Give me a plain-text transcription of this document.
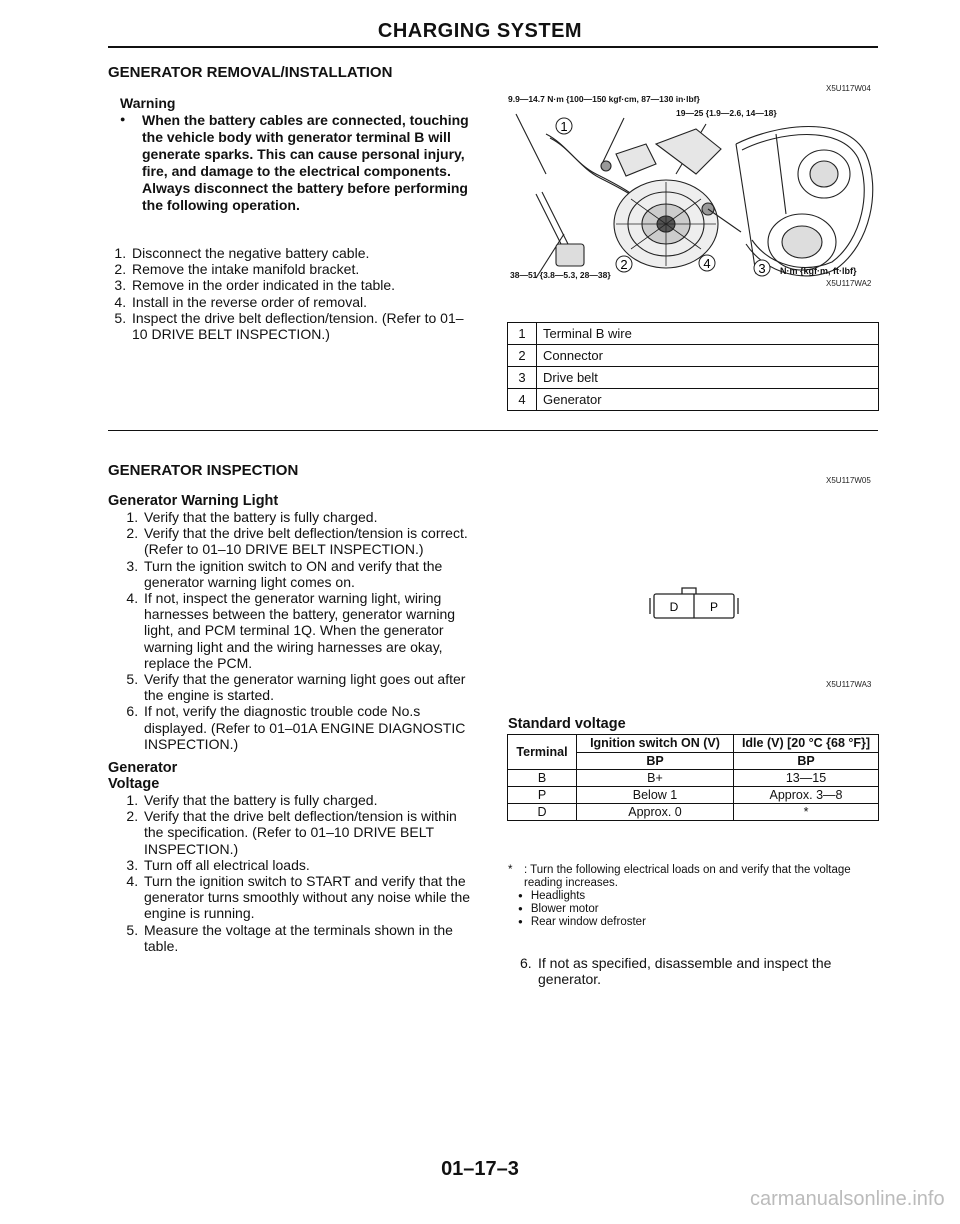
CHARGING SYSTEM
GENERATOR REMOVAL/INSTALLATION
Warning
● When the battery cables are connected, touching the vehicle body with generator terminal B will generate sparks. This can cause personal injury, fire, and damage to the electrical components. Always disconnect the battery before performing the following operation.
1. Disconnect the negative battery cable.
2. Remove the intake manifold bracket.
3. Remove in the order indicated in the table.
4. Install in the reverse order of removal.
5. Inspect the drive belt deflection/tension. (Refer to 01–10 DRIVE BELT INSPECTION.)
X5U117W04
9.9—14.7 N·m {100—150 kgf·cm, 87—130 in·lbf}
19—25 {1.9—2.6, 14—18}
2	4	3
1
38—51 {3.8—5.3, 28—38}	N·m {kgf·m, ft·lbf}
X5U117WA2
1	Terminal B wire
2	Connector
3	Drive belt
4	Generator
GENERATOR INSPECTION
X5U117W05
Generator Warning Light
1. Verify that the battery is fully charged.
2. Verify that the drive belt deflection/tension is correct. (Refer to 01–10 DRIVE BELT INSPECTION.)
3. Turn the ignition switch to ON and verify that the generator warning light comes on.
4. If not, inspect the generator warning light, wiring harnesses between the battery, generator warning light, and PCM terminal 1Q. When the generator warning light and the wiring harnesses are okay, replace the PCM.
5. Verify that the generator warning light goes out after the engine is started.
6. If not, verify the diagnostic trouble code No.s displayed. (Refer to 01–01A ENGINE DIAGNOSTIC INSPECTION.)
Generator
Voltage
1. Verify that the battery is fully charged.
2. Verify that the drive belt deflection/tension is within the specification. (Refer to 01–10 DRIVE BELT INSPECTION.)
3. Turn off all electrical loads.
4. Turn the ignition switch to START and verify that the generator turns smoothly without any noise while the engine is running.
5. Measure the voltage at the terminals shown in the table.
D	P
X5U117WA3
Standard voltage
Terminal	Ignition switch ON (V)	Idle (V) [20 °C {68 °F}]
	BP	BP
B	B+	13—15
P	Below 1	Approx. 3—8
D	Approx. 0	*
* : Turn the following electrical loads on and verify that the voltage reading increases.
● Headlights
● Blower motor
● Rear window defroster
6. If not as specified, disassemble and inspect the generator.
01–17–3
carmanualsonline.info
